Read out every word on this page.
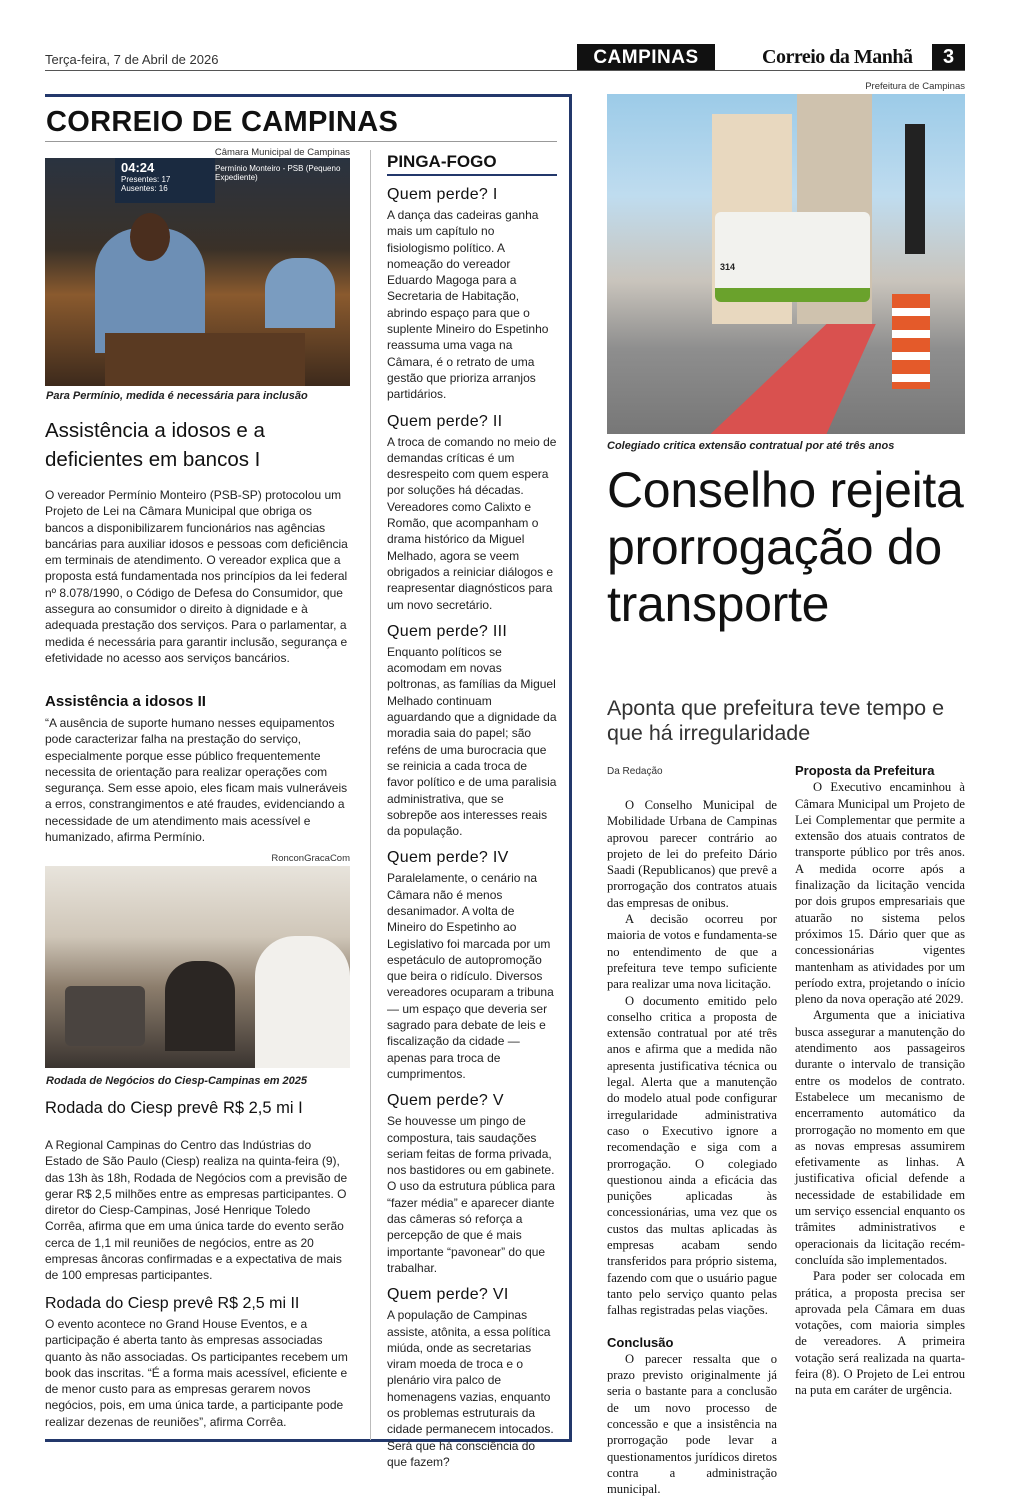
Terça-feira, 7 de Abril de 2026	CAMPINAS	Correio da Manhã	3
CORREIO DE CAMPINAS
Câmara Municipal de Campinas
04:24
Presentes: 17
Ausentes: 16
Permínio Monteiro - PSB (Pequeno Expediente)
Para Permínio, medida é necessária para inclusão
Assistência a idosos e a deficientes em bancos I
O vereador Permínio Monteiro (PSB-SP) protocolou um Projeto de Lei na Câmara Municipal que obriga os bancos a disponibilizarem funcionários nas agências bancárias para auxiliar idosos e pessoas com deficiência em terminais de atendimento. O vereador explica que a proposta está fundamentada nos princípios da lei federal nº 8.078/1990, o Código de Defesa do Consumidor, que assegura ao consumidor o direito à dignidade e à adequada prestação dos serviços. Para o parlamentar, a medida é necessária para garantir inclusão, segurança e efetividade no acesso aos serviços bancários.
Assistência a idosos II
“A ausência de suporte humano nesses equipamentos pode caracterizar falha na prestação do serviço, especialmente porque esse público frequentemente necessita de orientação para realizar operações com segurança. Sem esse apoio, eles ficam mais vulneráveis a erros, constrangimentos e até fraudes, evidenciando a necessidade de um atendimento mais acessível e humanizado, afirma Permínio.
RonconGracaCom
Rodada de Negócios do Ciesp-Campinas em 2025
Rodada do Ciesp prevê R$ 2,5 mi I
A Regional Campinas do Centro das Indústrias do Estado de São Paulo (Ciesp) realiza na quinta-feira (9), das 13h às 18h, Rodada de Negócios com a previsão de gerar R$ 2,5 milhões entre as empresas participantes. O diretor do Ciesp-Campinas, José Henrique Toledo Corrêa, afirma que em uma única tarde do evento serão cerca de 1,1 mil reuniões de negócios, entre as 20 empresas âncoras confirmadas e a expectativa de mais de 100 empresas participantes.
Rodada do Ciesp prevê R$ 2,5 mi II
O evento acontece no Grand House Eventos, e a participação é aberta tanto às empresas associadas quanto às não associadas. Os participantes recebem um book das inscritas. “É a forma mais acessível, eficiente e de menor custo para as empresas gerarem novos negócios, pois, em uma única tarde, a participante pode realizar dezenas de reuniões”, afirma Corrêa.
PINGA-FOGO
Quem perde? I

A dança das cadeiras ganha mais um capítulo no fisiologismo político. A nomeação do vereador Eduardo Magoga para a Secretaria de Habitação, abrindo espaço para que o suplente Mineiro do Espetinho reassuma uma vaga na Câmara, é o retrato de uma gestão que prioriza arranjos partidários.

Quem perde? II

A troca de comando no meio de demandas críticas é um desrespeito com quem espera por soluções há décadas. Vereadores como Calixto e Romão, que acompanham o drama histórico da Miguel Melhado, agora se veem obrigados a reiniciar diálogos e reapresentar diagnósticos para um novo secretário.

Quem perde? III

Enquanto políticos se acomodam em novas poltronas, as famílias da Miguel Melhado continuam aguardando que a dignidade da moradia saia do papel; são reféns de uma burocracia que se reinicia a cada troca de favor político e de uma paralisia administrativa, que se sobrepõe aos interesses reais da população.

Quem perde? IV

Paralelamente, o cenário na Câmara não é menos desanimador. A volta de Mineiro do Espetinho ao Legislativo foi marcada por um espetáculo de autopromoção que beira o ridículo. Diversos vereadores ocuparam a tribuna — um espaço que deveria ser sagrado para debate de leis e fiscalização da cidade — apenas para troca de cumprimentos.

Quem perde? V

Se houvesse um pingo de compostura, tais saudações seriam feitas de forma privada, nos bastidores ou em gabinete. O uso da estrutura pública para “fazer média” e aparecer diante das câmeras só reforça a percepção de que é mais importante “pavonear” do que trabalhar.

Quem perde? VI

A população de Campinas assiste, atônita, a essa política miúda, onde as secretarias viram moeda de troca e o plenário vira palco de homenagens vazias, enquanto os problemas estruturais da cidade permanecem intocados. Será que há consciência do que fazem?

Prefeitura de Campinas
314
Colegiado critica extensão contratual por até três anos
Conselho rejeita prorrogação do transporte
Aponta que prefeitura teve tempo e que há irregularidade
Da Redação

O Conselho Municipal de Mobilidade Urbana de Campinas aprovou parecer contrário ao projeto de lei do prefeito Dário Saadi (Republicanos) que prevê a prorrogação dos contratos atuais das empresas de onibus.

A decisão ocorreu por maioria de votos e fundamenta-se no entendimento de que a prefeitura teve tempo suficiente para realizar uma nova licitação.

O documento emitido pelo conselho critica a proposta de extensão contratual por até três anos e afirma que a medida não apresenta justificativa técnica ou legal. Alerta que a manutenção do modelo atual pode configurar irregularidade administrativa caso o Executivo ignore a recomendação e siga com a prorrogação. O colegiado questionou ainda a eficácia das punições aplicadas às concessionárias, uma vez que os custos das multas aplicadas às empresas acabam sendo transferidos para próprio sistema, fazendo com que o usuário pague tanto pelo serviço quanto pelas falhas registradas pelas viações.

Conclusão

O parecer ressalta que o prazo previsto originalmente já seria o bastante para a conclusão de um novo processo de concessão e que a insistência na prorrogação pode levar a questionamentos jurídicos diretos contra a administração municipal.

Proposta da Prefeitura

O Executivo encaminhou à Câmara Municipal um Projeto de Lei Complementar que permite a extensão dos atuais contratos de transporte público por três anos. A medida ocorre após a finalização da licitação vencida por dois grupos empresariais que atuarão no sistema pelos próximos 15. Dário quer que as concessionárias vigentes mantenham as atividades por um período extra, projetando o início pleno da nova operação até 2029.

Argumenta que a iniciativa busca assegurar a manutenção do atendimento aos passageiros durante o intervalo de transição entre os modelos de contrato. Estabelece um mecanismo de encerramento automático da prorrogação no momento em que as novas empresas assumirem efetivamente as linhas. A justificativa oficial defende a necessidade de estabilidade em um serviço essencial enquanto os trâmites administrativos e operacionais da licitação recém-concluída são implementados.

Para poder ser colocada em prática, a proposta precisa ser aprovada pela Câmara em duas votações, com maioria simples de vereadores. A primeira votação será realizada na quarta-feira (8). O Projeto de Lei entrou na puta em caráter de urgência.
